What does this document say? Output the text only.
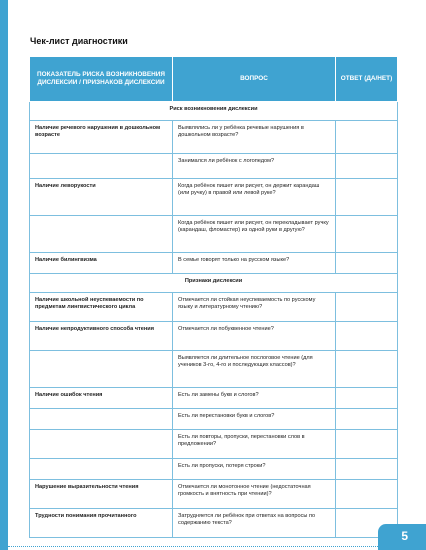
Чек-лист диагностики
ПОКАЗАТЕЛЬ РИСКА ВОЗНИКНОВЕНИЯ ДИСЛЕКСИИ / ПРИЗНАКОВ ДИСЛЕКСИИ	ВОПРОС	ОТВЕТ (ДА/НЕТ)
Риск возникновения дислексии		
Наличие речевого нарушения в дошкольном возрасте	Выявлялись ли у ребёнка речевые нарушения в дошкольном возрасте?	
	Занимался ли ребёнок с логопедом?	
Наличие леворукости	Когда ребёнок пишет или рисует, он держит карандаш (или ручку) в правой или левой руке?	
	Когда ребёнок пишет или рисует, он перекладывает ручку (карандаш, фломастер) из одной руки в другую?	
Наличие билингвизма	В семье говорят только на русском языке?	
Признаки дислексии		
Наличие школьной неуспеваемости по предметам лингвистического цикла	Отмечается ли стойкая неуспеваемость по русскому языку и литературному чтению?	
Наличие непродуктивного способа чтения	Отмечается ли побуквенное чтение?	
	Выявляется ли длительное послоговое чтение (для учеников 3-го, 4-го и последующих классов)?	
Наличие ошибок чтения	Есть ли замены букв и слогов?	
	Есть ли перестановки букв и слогов?	
	Есть ли повторы, пропуски, перестановки слов в предложении?	
	Есть ли пропуски, потеря строки?	
Нарушение выразительности чтения	Отмечается ли монотонное чтение (недостаточная громкость и внятность при чтении)?	
Трудности понимания прочитанного	Затрудняется ли ребёнок при ответах на вопросы по содержанию текста?	
5
